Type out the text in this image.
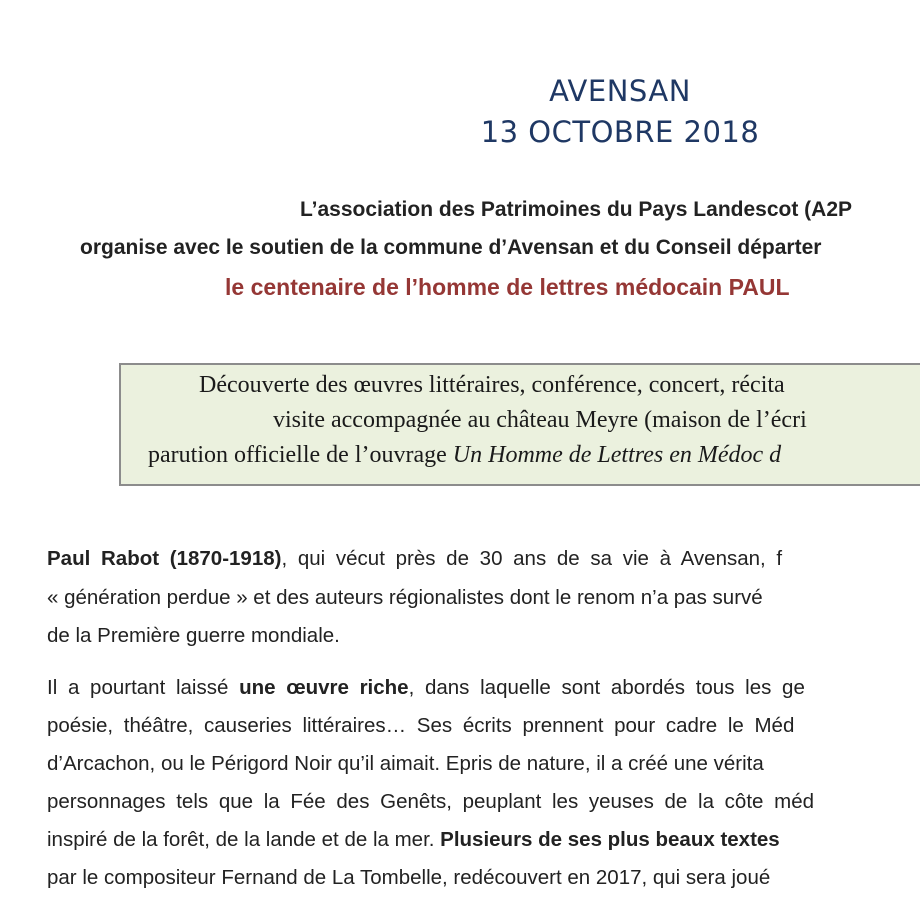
AVENSAN
13 OCTOBRE 2018
L’association des Patrimoines du Pays Landescot (A2P
organise avec le soutien de la commune d’Avensan et du Conseil départer
le centenaire de l’homme de lettres médocain PAUL
Découverte des œuvres littéraires, conférence, concert, récita
visite accompagnée au château Meyre (maison de l’écri
parution officielle de l’ouvrage Un Homme de Lettres en Médoc d
Paul Rabot (1870-1918), qui vécut près de 30 ans de sa vie à Avensan, f
« génération perdue » et des auteurs régionalistes dont le renom n’a pas survé
de la Première guerre mondiale.
Il a pourtant laissé une œuvre riche, dans laquelle sont abordés tous les ge
poésie, théâtre, causeries littéraires… Ses écrits prennent pour cadre le Méd
d’Arcachon, ou le Périgord Noir qu’il aimait. Epris de nature, il a créé une vérita
personnages tels que la Fée des Genêts, peuplant les yeuses de la côte méd
inspiré de la forêt, de la lande et de la mer. Plusieurs de ses plus beaux textes
par le compositeur Fernand de La Tombelle, redécouvert en 2017, qui sera joué
